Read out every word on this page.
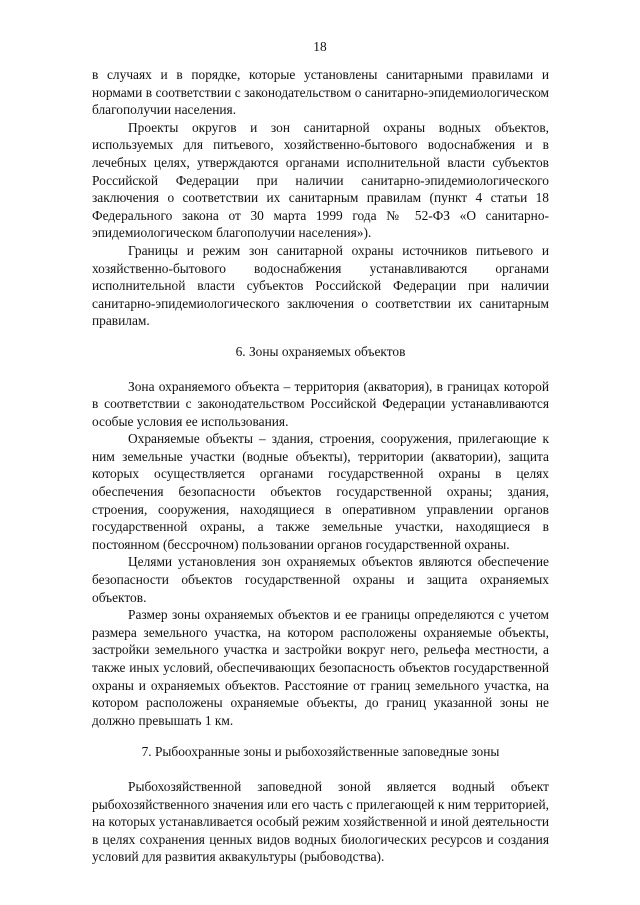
18

в случаях и в порядке, которые установлены санитарными правилами и нормами в соответствии с законодательством о санитарно-эпидемиологическом благополучии населения.

Проекты округов и зон санитарной охраны водных объектов, используемых для питьевого, хозяйственно-бытового водоснабжения и в лечебных целях, утверждаются органами исполнительной власти субъектов Российской Федерации при наличии санитарно-эпидемиологического заключения о соответствии их санитарным правилам (пункт 4 статьи 18 Федерального закона от 30 марта 1999 года № 52-ФЗ «О санитарно-эпидемиологическом благополучии населения»).

Границы и режим зон санитарной охраны источников питьевого и хозяйственно-бытового водоснабжения устанавливаются органами исполнительной власти субъектов Российской Федерации при наличии санитарно-эпидемиологического заключения о соответствии их санитарным правилам.

6. Зоны охраняемых объектов

Зона охраняемого объекта – территория (акватория), в границах которой в соответствии с законодательством Российской Федерации устанавливаются особые условия ее использования.

Охраняемые объекты – здания, строения, сооружения, прилегающие к ним земельные участки (водные объекты), территории (акватории), защита которых осуществляется органами государственной охраны в целях обеспечения безопасности объектов государственной охраны; здания, строения, сооружения, находящиеся в оперативном управлении органов государственной охраны, а также земельные участки, находящиеся в постоянном (бессрочном) пользовании органов государственной охраны.

Целями установления зон охраняемых объектов являются обеспечение безопасности объектов государственной охраны и защита охраняемых объектов.

Размер зоны охраняемых объектов и ее границы определяются с учетом размера земельного участка, на котором расположены охраняемые объекты, застройки земельного участка и застройки вокруг него, рельефа местности, а также иных условий, обеспечивающих безопасность объектов государственной охраны и охраняемых объектов. Расстояние от границ земельного участка, на котором расположены охраняемые объекты, до границ указанной зоны не должно превышать 1 км.

7. Рыбоохранные зоны и рыбохозяйственные заповедные зоны

Рыбохозяйственной заповедной зоной является водный объект рыбохозяйственного значения или его часть с прилегающей к ним территорией, на которых устанавливается особый режим хозяйственной и иной деятельности в целях сохранения ценных видов водных биологических ресурсов и создания условий для развития аквакультуры (рыбоводства).
